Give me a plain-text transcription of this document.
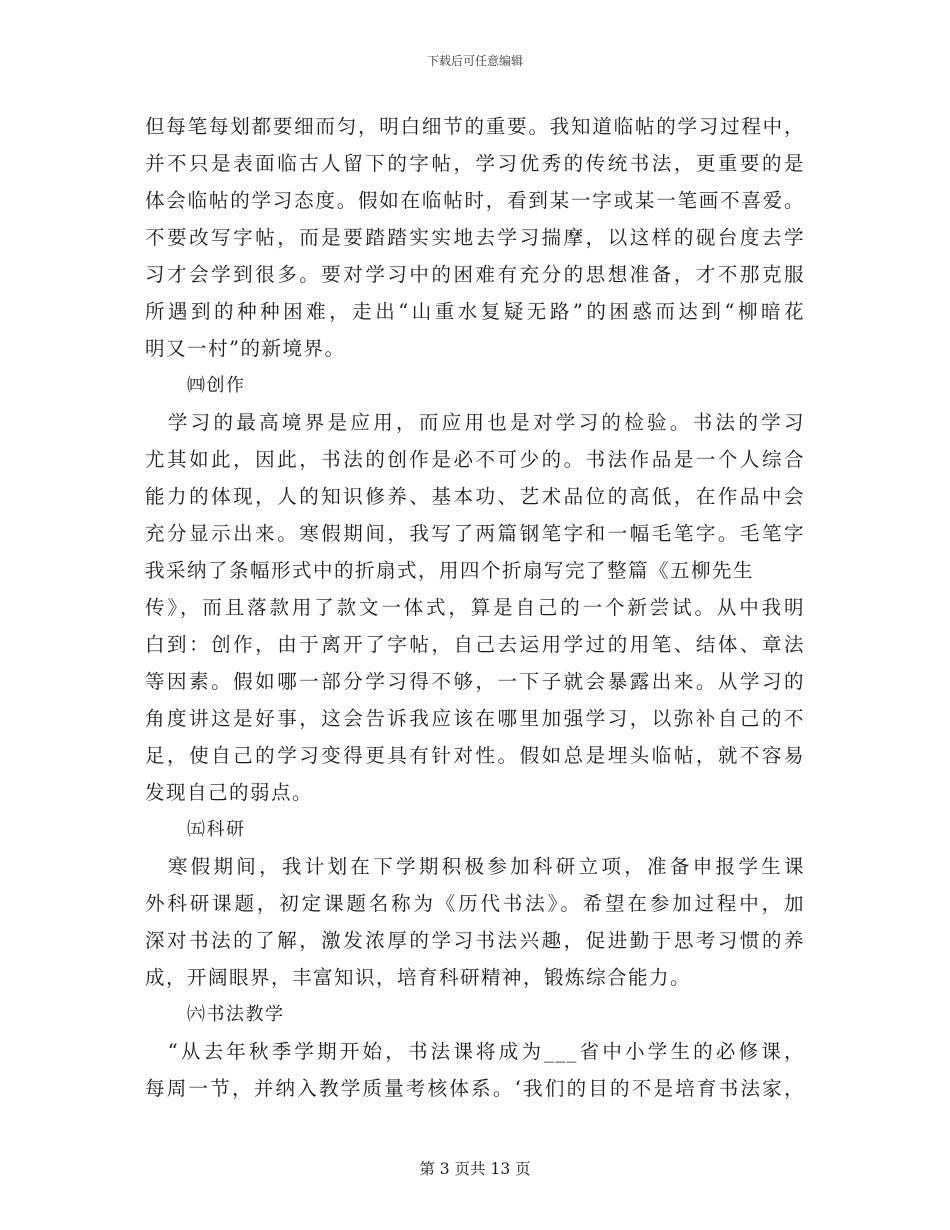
下载后可任意编辑
但每笔每划都要细而匀，明白细节的重要。我知道临帖的学习过程中，
并不只是表面临古人留下的字帖，学习优秀的传统书法，更重要的是
体会临帖的学习态度。假如在临帖时，看到某一字或某一笔画不喜爱。
不要改写字帖，而是要踏踏实实地去学习揣摩，以这样的砚台度去学
习才会学到很多。要对学习中的困难有充分的思想准备，才不那克服
所遇到的种种困难，走出“山重水复疑无路”的困惑而达到“柳暗花
明又一村”的新境界。
㈣创作
　学习的最高境界是应用，而应用也是对学习的检验。书法的学习
尤其如此，因此，书法的创作是必不可少的。书法作品是一个人综合
能力的体现，人的知识修养、基本功、艺术品位的高低，在作品中会
充分显示出来。寒假期间，我写了两篇钢笔字和一幅毛笔字。毛笔字
我采纳了条幅形式中的折扇式，用四个折扇写完了整篇《五柳先生
传》，而且落款用了款文一体式，算是自己的一个新尝试。从中我明
白到：创作，由于离开了字帖，自己去运用学过的用笔、结体、章法
等因素。假如哪一部分学习得不够，一下子就会暴露出来。从学习的
角度讲这是好事，这会告诉我应该在哪里加强学习，以弥补自己的不
足，使自己的学习变得更具有针对性。假如总是埋头临帖，就不容易
发现自己的弱点。
㈤科研
　寒假期间，我计划在下学期积极参加科研立项，准备申报学生课
外科研课题，初定课题名称为《历代书法》。希望在参加过程中，加
深对书法的了解，激发浓厚的学习书法兴趣，促进勤于思考习惯的养
成，开阔眼界，丰富知识，培育科研精神，锻炼综合能力。
㈥书法教学
　“从去年秋季学期开始，书法课将成为___省中小学生的必修课，
每周一节，并纳入教学质量考核体系。‘我们的目的不是培育书法家，
第 3 页共 13 页
